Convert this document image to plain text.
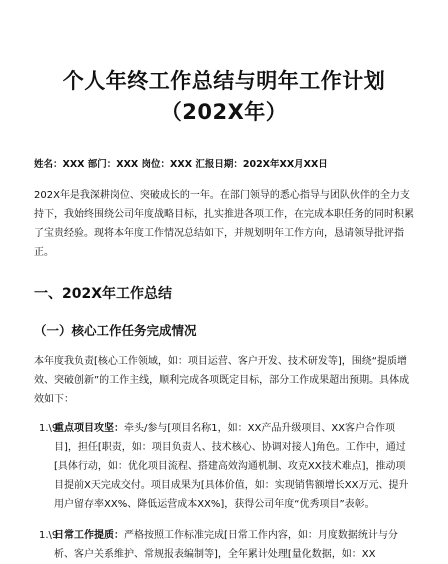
个人年终工作总结与明年工作计划
（202X年）
姓名：XXX 部门：XXX 岗位：XXX 汇报日期：202X年XX月XX日

202X年是我深耕岗位、突破成长的一年。在部门领导的悉心指导与团队伙伴的全力支持下，我始终围绕公司年度战略目标，扎实推进各项工作，在完成本职任务的同时积累了宝贵经验。现将本年度工作情况总结如下，并规划明年工作方向，恳请领导批评指正。

一、202X年工作总结
（一）核心工作任务完成情况

本年度我负责[核心工作领域，如：项目运营、客户开发、技术研发等]，围绕“提质增效、突破创新”的工作主线，顺利完成各项既定目标，部分工作成果超出预期。具体成效如下：

1.\9
重点项目攻坚：牵头/参与[项目名称1，如：XX产品升级项目、XX客户合作项目]，担任[职责，如：项目负责人、技术核心、协调对接人]角色。工作中，通过[具体行动，如：优化项目流程、搭建高效沟通机制、攻克XX技术难点]，推动项目提前X天完成交付。项目成果为[具体价值，如：实现销售额增长XX万元、提升用户留存率XX%、降低运营成本XX%]，获得公司年度“优秀项目”表彰。
1.\9
日常工作提质：严格按照工作标准完成[日常工作内容，如：月度数据统计与分析、客户关系维护、常规报表编制等]，全年累计处理[量化数据，如：XX
